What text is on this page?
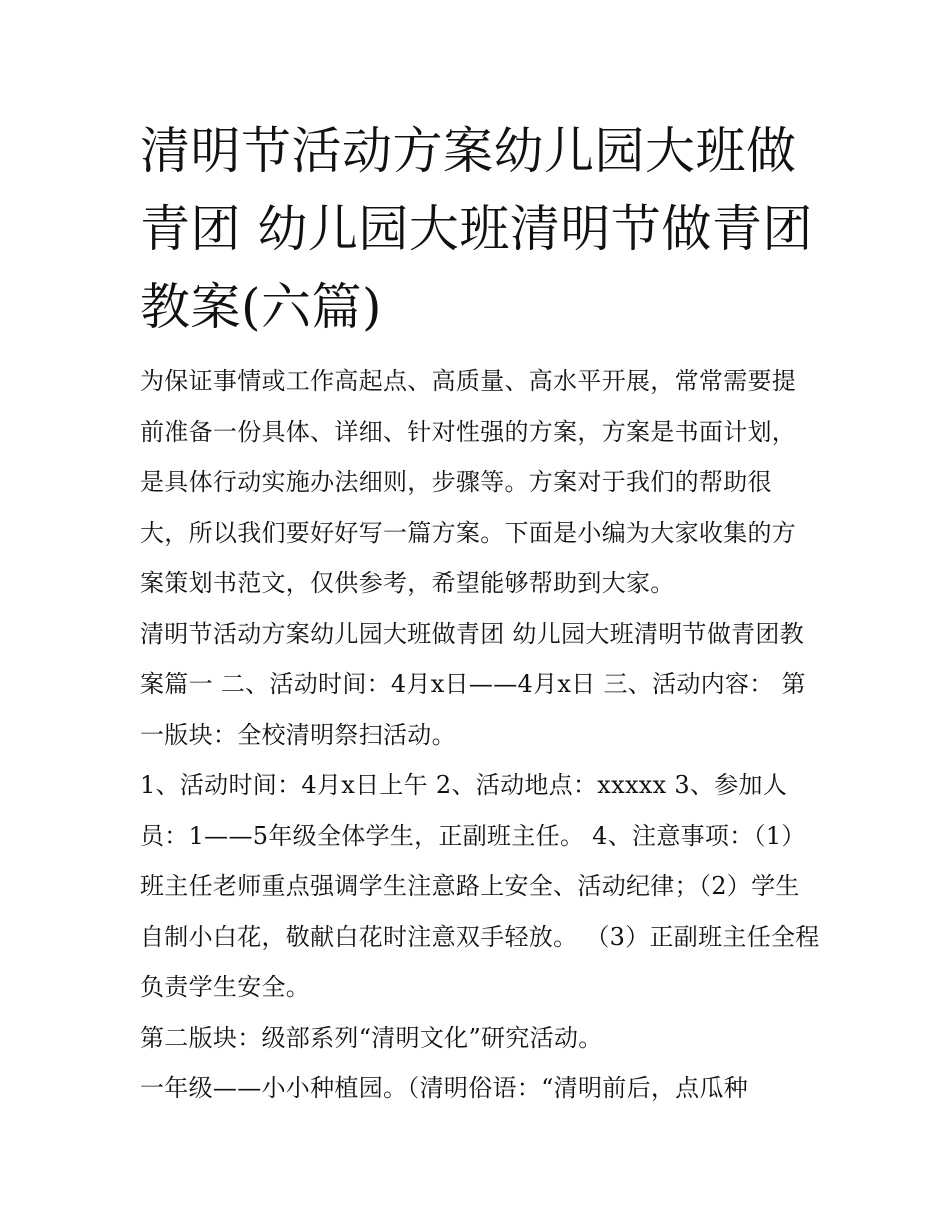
清明节活动方案幼儿园大班做青团 幼儿园大班清明节做青团教案(六篇)

为保证事情或工作高起点、高质量、高水平开展，常常需要提前准备一份具体、详细、针对性强的方案，方案是书面计划，是具体行动实施办法细则，步骤等。方案对于我们的帮助很大，所以我们要好好写一篇方案。下面是小编为大家收集的方案策划书范文，仅供参考，希望能够帮助到大家。

清明节活动方案幼儿园大班做青团 幼儿园大班清明节做青团教案篇一 二、活动时间：4月x日——4月x日 三、活动内容： 第一版块：全校清明祭扫活动。

1、活动时间：4月x日上午 2、活动地点：xxxxx 3、参加人员：1——5年级全体学生，正副班主任。 4、注意事项：（1）班主任老师重点强调学生注意路上安全、活动纪律；（2）学生自制小白花，敬献白花时注意双手轻放。 （3）正副班主任全程负责学生安全。

第二版块：级部系列“清明文化”研究活动。

一年级——小小种植园。（清明俗语：“清明前后，点瓜种
